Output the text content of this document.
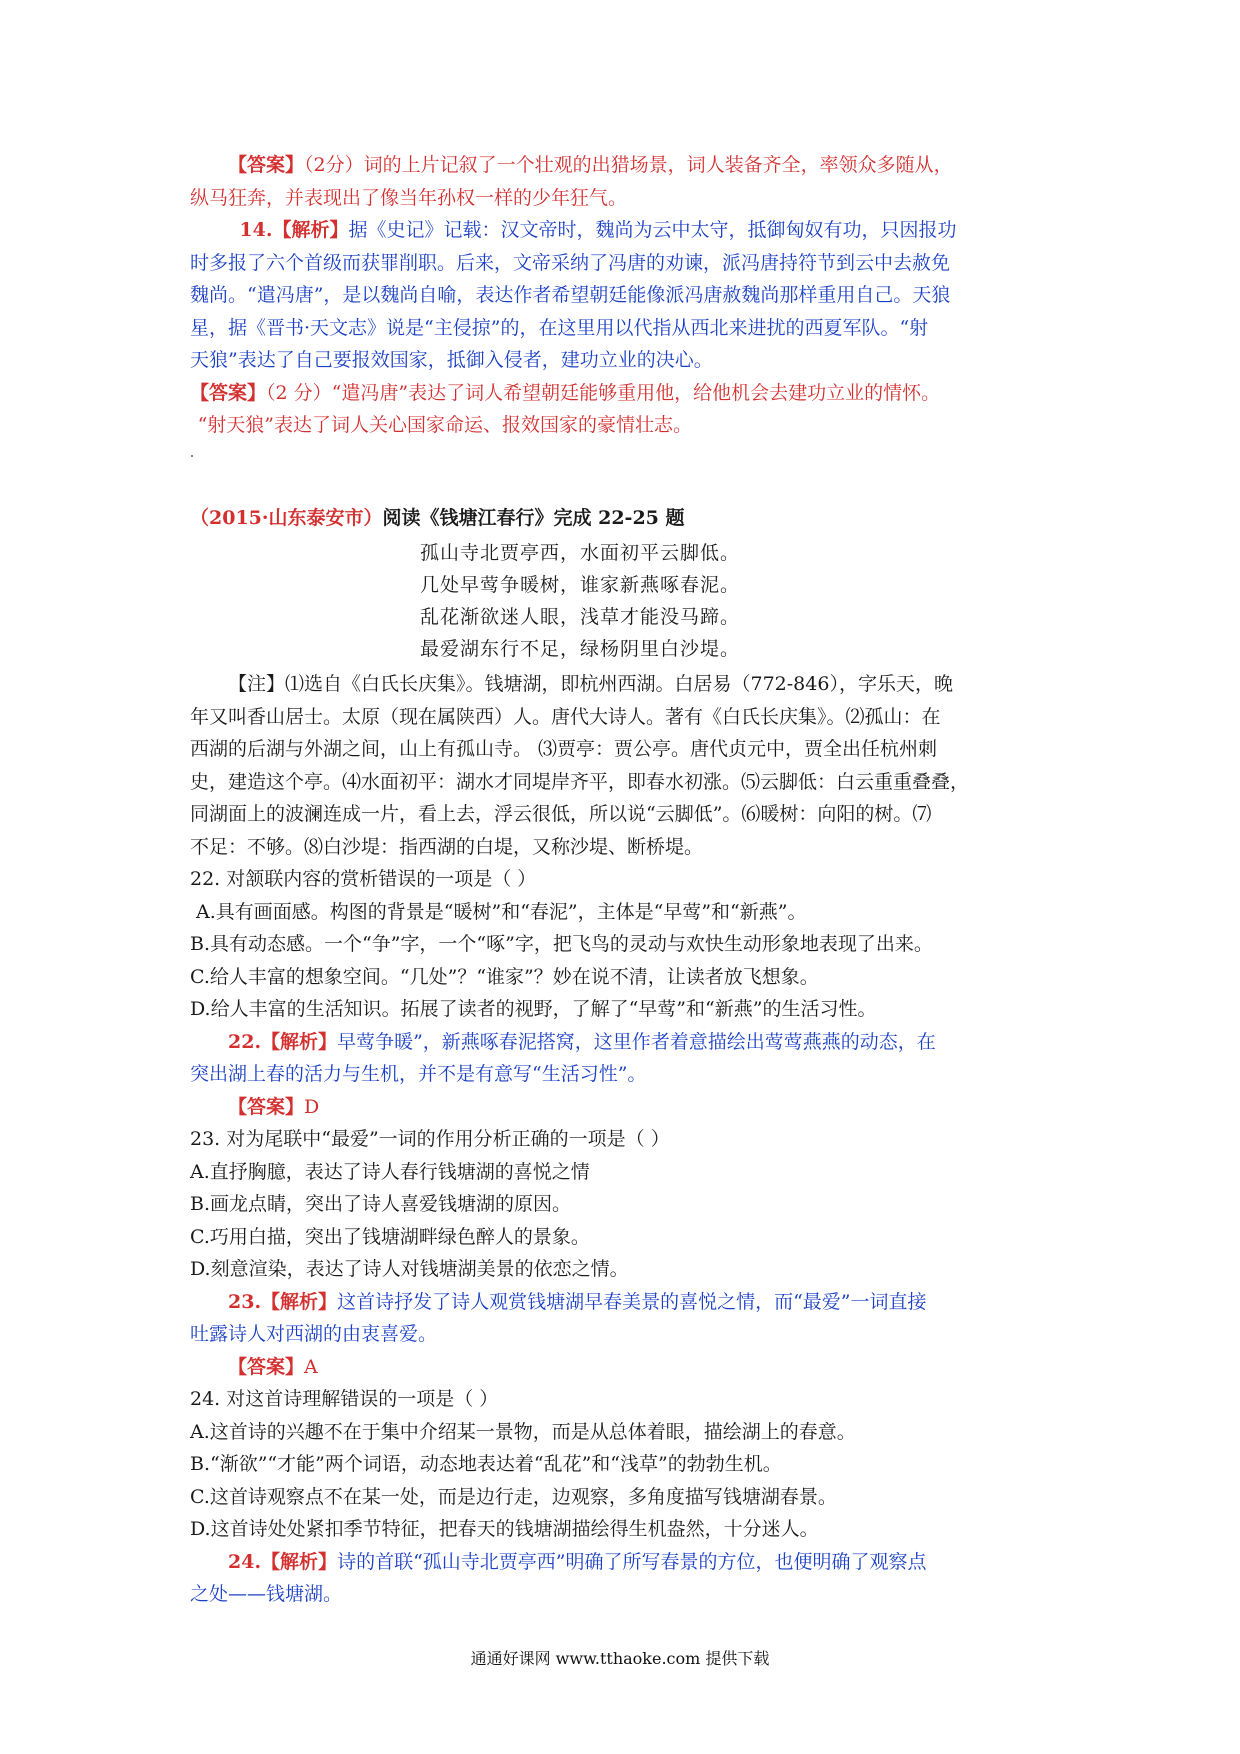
【答案】（2分）词的上片记叙了一个壮观的出猎场景，词人装备齐全，率领众多随从，
纵马狂奔，并表现出了像当年孙权一样的少年狂气。
14.【解析】据《史记》记载：汉文帝时，魏尚为云中太守，抵御匈奴有功，只因报功
时多报了六个首级而获罪削职。后来，文帝采纳了冯唐的劝谏，派冯唐持符节到云中去赦免
魏尚。“遣冯唐”，是以魏尚自喻，表达作者希望朝廷能像派冯唐赦魏尚那样重用自己。天狼
星，据《晋书·天文志》说是“主侵掠”的，在这里用以代指从西北来进扰的西夏军队。“射
天狼”表达了自己要报效国家，抵御入侵者，建功立业的决心。
【答案】（2 分）“遣冯唐”表达了词人希望朝廷能够重用他，给他机会去建功立业的情怀。
“射天狼”表达了词人关心国家命运、报效国家的豪情壮志。
（2015·山东泰安市）阅读《钱塘江春行》完成 22-25 题
孤山寺北贾亭西，水面初平云脚低。
几处早莺争暖树，谁家新燕啄春泥。
乱花渐欲迷人眼，浅草才能没马蹄。
最爱湖东行不足，绿杨阴里白沙堤。
【注】⑴选自《白氏长庆集》。钱塘湖，即杭州西湖。白居易（772-846），字乐天，晚
年又叫香山居士。太原（现在属陕西）人。唐代大诗人。著有《白氏长庆集》。⑵孤山：在
西湖的后湖与外湖之间，山上有孤山寺。 ⑶贾亭：贾公亭。唐代贞元中，贾全出任杭州刺
史，建造这个亭。⑷水面初平：湖水才同堤岸齐平，即春水初涨。⑸云脚低：白云重重叠叠，
同湖面上的波澜连成一片，看上去，浮云很低，所以说“云脚低”。⑹暖树：向阳的树。⑺
不足：不够。⑻白沙堤：指西湖的白堤，又称沙堤、断桥堤。
22. 对颔联内容的赏析错误的一项是（ ）
A.具有画面感。构图的背景是“暖树”和“春泥”，主体是“早莺”和“新燕”。
B.具有动态感。一个“争”字，一个“啄”字，把飞鸟的灵动与欢快生动形象地表现了出来。
C.给人丰富的想象空间。“几处”？“谁家”？妙在说不清，让读者放飞想象。
D.给人丰富的生活知识。拓展了读者的视野，了解了“早莺”和“新燕”的生活习性。
22.【解析】早莺争暖”，新燕啄春泥搭窝，这里作者着意描绘出莺莺燕燕的动态，在
突出湖上春的活力与生机，并不是有意写“生活习性”。
【答案】D
23. 对为尾联中“最爱”一词的作用分析正确的一项是（ ）
A.直抒胸臆，表达了诗人春行钱塘湖的喜悦之情
B.画龙点睛，突出了诗人喜爱钱塘湖的原因。
C.巧用白描，突出了钱塘湖畔绿色醉人的景象。
D.刻意渲染，表达了诗人对钱塘湖美景的依恋之情。
23.【解析】这首诗抒发了诗人观赏钱塘湖早春美景的喜悦之情，而“最爱”一词直接
吐露诗人对西湖的由衷喜爱。
【答案】A
24. 对这首诗理解错误的一项是（ ）
A.这首诗的兴趣不在于集中介绍某一景物，而是从总体着眼，描绘湖上的春意。
B.“渐欲”“才能”两个词语，动态地表达着“乱花”和“浅草”的勃勃生机。
C.这首诗观察点不在某一处，而是边行走，边观察，多角度描写钱塘湖春景。
D.这首诗处处紧扣季节特征，把春天的钱塘湖描绘得生机盎然，十分迷人。
24.【解析】诗的首联“孤山寺北贾亭西”明确了所写春景的方位，也便明确了观察点
之处——钱塘湖。
通通好课网 www.tthaoke.com 提供下载
